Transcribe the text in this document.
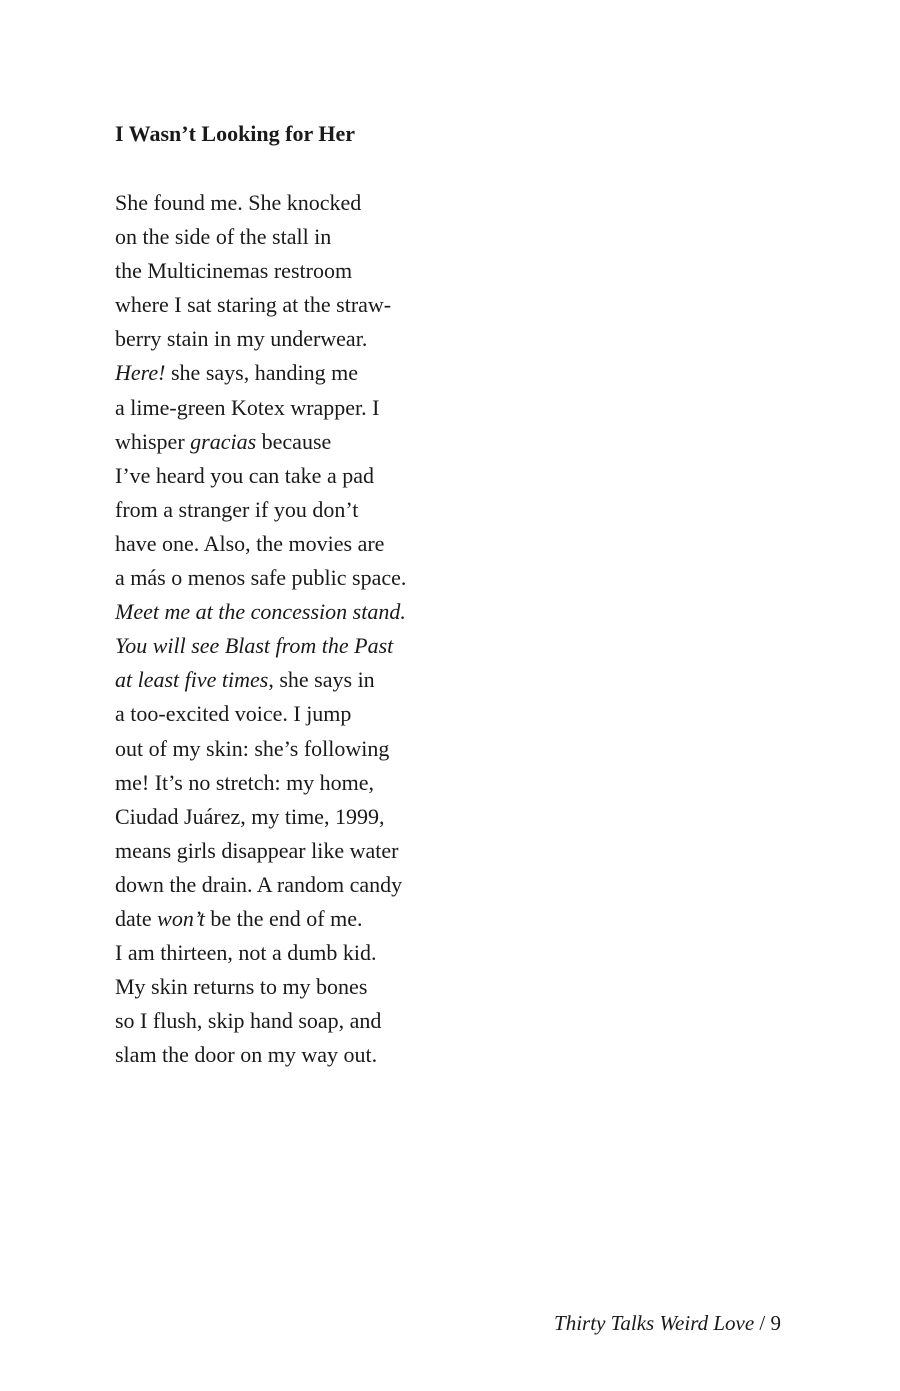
I Wasn’t Looking for Her
She found me. She knocked
on the side of the stall in
the Multicinemas restroom
where I sat staring at the straw-
berry stain in my underwear.
Here! she says, handing me
a lime-green Kotex wrapper. I
whisper gracias because
I’ve heard you can take a pad
from a stranger if you don’t
have one. Also, the movies are
a más o menos safe public space.
Meet me at the concession stand.
You will see Blast from the Past
at least five times, she says in
a too-excited voice. I jump
out of my skin: she’s following
me! It’s no stretch: my home,
Ciudad Juárez, my time, 1999,
means girls disappear like water
down the drain. A random candy
date won’t be the end of me.
I am thirteen, not a dumb kid.
My skin returns to my bones
so I flush, skip hand soap, and
slam the door on my way out.
Thirty Talks Weird Love / 9
